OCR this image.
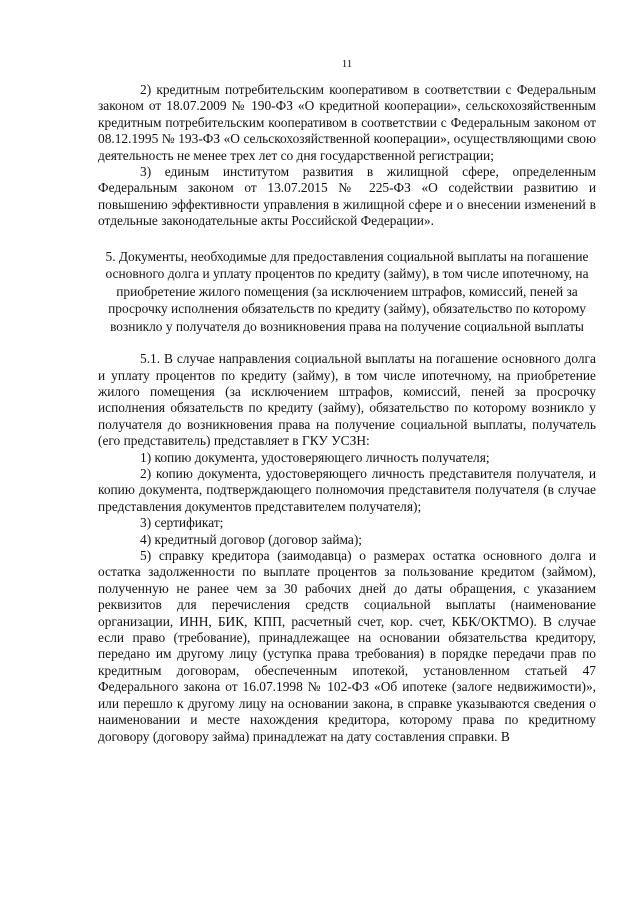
11

2) кредитным потребительским кооперативом в соответствии с Федеральным законом от 18.07.2009 № 190-ФЗ «О кредитной кооперации», сельскохозяйственным кредитным потребительским кооперативом в соответствии с Федеральным законом от 08.12.1995 № 193-ФЗ «О сельскохозяйственной кооперации», осуществляющими свою деятельность не менее трех лет со дня государственной регистрации;

3) единым институтом развития в жилищной сфере, определенным Федеральным законом от 13.07.2015 № 225-ФЗ «О содействии развитию и повышению эффективности управления в жилищной сфере и о внесении изменений в отдельные законодательные акты Российской Федерации».

5. Документы, необходимые для предоставления социальной выплаты на погашение основного долга и уплату процентов по кредиту (займу), в том числе ипотечному, на приобретение жилого помещения (за исключением штрафов, комиссий, пеней за просрочку исполнения обязательств по кредиту (займу), обязательство по которому возникло у получателя до возникновения права на получение социальной выплаты

5.1. В случае направления социальной выплаты на погашение основного долга и уплату процентов по кредиту (займу), в том числе ипотечному, на приобретение жилого помещения (за исключением штрафов, комиссий, пеней за просрочку исполнения обязательств по кредиту (займу), обязательство по которому возникло у получателя до возникновения права на получение социальной выплаты, получатель (его представитель) представляет в ГКУ УСЗН:

1) копию документа, удостоверяющего личность получателя;

2) копию документа, удостоверяющего личность представителя получателя, и копию документа, подтверждающего полномочия представителя получателя (в случае представления документов представителем получателя);

3) сертификат;

4) кредитный договор (договор займа);

5) справку кредитора (заимодавца) о размерах остатка основного долга и остатка задолженности по выплате процентов за пользование кредитом (займом), полученную не ранее чем за 30 рабочих дней до даты обращения, с указанием реквизитов для перечисления средств социальной выплаты (наименование организации, ИНН, БИК, КПП, расчетный счет, кор. счет, КБК/ОКТМО). В случае если право (требование), принадлежащее на основании обязательства кредитору, передано им другому лицу (уступка права требования) в порядке передачи прав по кредитным договорам, обеспеченным ипотекой, установленном статьей 47 Федерального закона от 16.07.1998 № 102-ФЗ «Об ипотеке (залоге недвижимости)», или перешло к другому лицу на основании закона, в справке указываются сведения о наименовании и месте нахождения кредитора, которому права по кредитному договору (договору займа) принадлежат на дату составления справки. В
